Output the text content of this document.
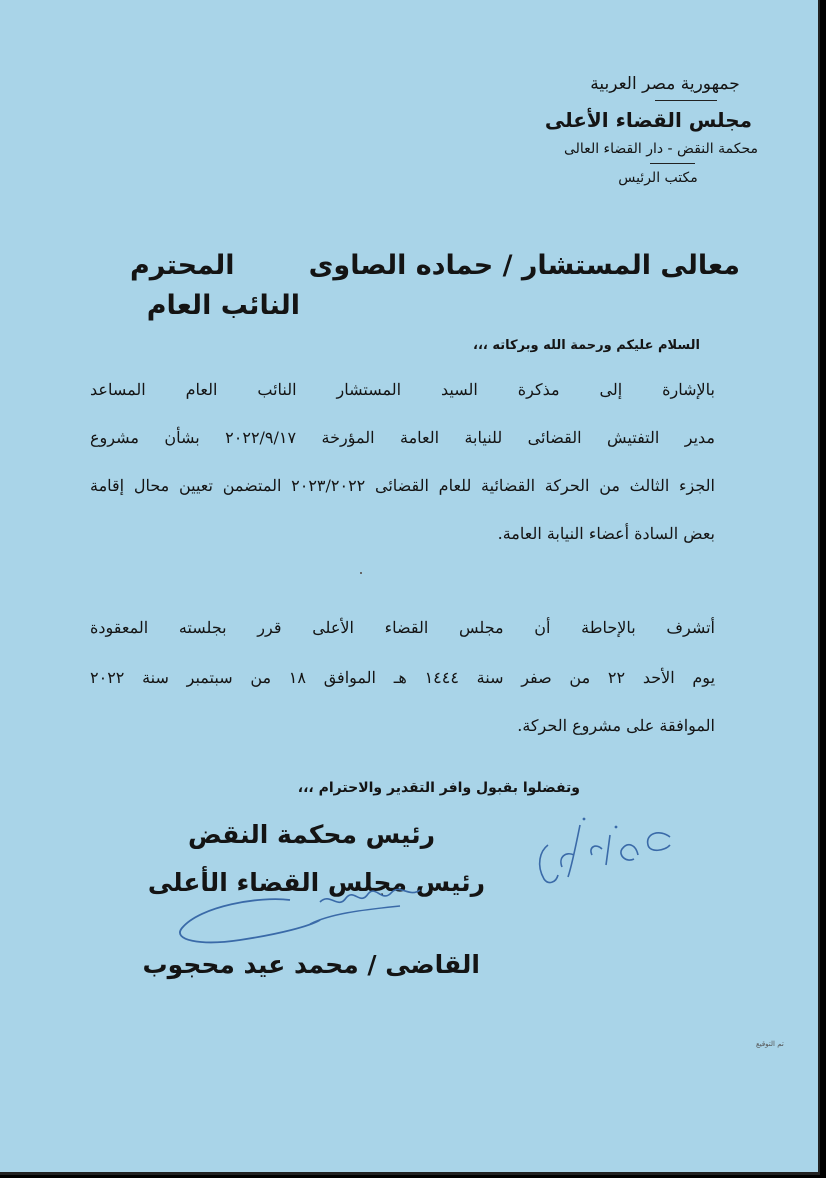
جمهورية مصر العربية
مجلس القضاء الأعلى
محكمة النقض - دار القضاء العالى
مكتب الرئيس
معالى المستشار / حماده الصاوى
المحترم
النائب العام
السلام عليكم ورحمة الله وبركاته ،،،
بالإشارة إلى مذكرة السيد المستشار النائب العام المساعد
مدير التفتيش القضائى للنيابة العامة المؤرخة ٢٠٢٢/٩/١٧ بشأن مشروع
الجزء الثالث من الحركة القضائية للعام القضائى ٢٠٢٣/٢٠٢٢ المتضمن تعيين محال إقامة
بعض السادة أعضاء النيابة العامة.
أتشرف بالإحاطة أن مجلس القضاء الأعلى قرر بجلسته المعقودة
يوم الأحد ٢٢ من صفر سنة ١٤٤٤ هـ الموافق ١٨ من سبتمبر سنة ٢٠٢٢
الموافقة على مشروع الحركة.
وتفضلوا بقبول وافر التقدير والاحترام ،،،
رئيس محكمة النقض
رئيس مجلس القضاء الأعلى
القاضى / محمد عيد محجوب
تم التوقيع
